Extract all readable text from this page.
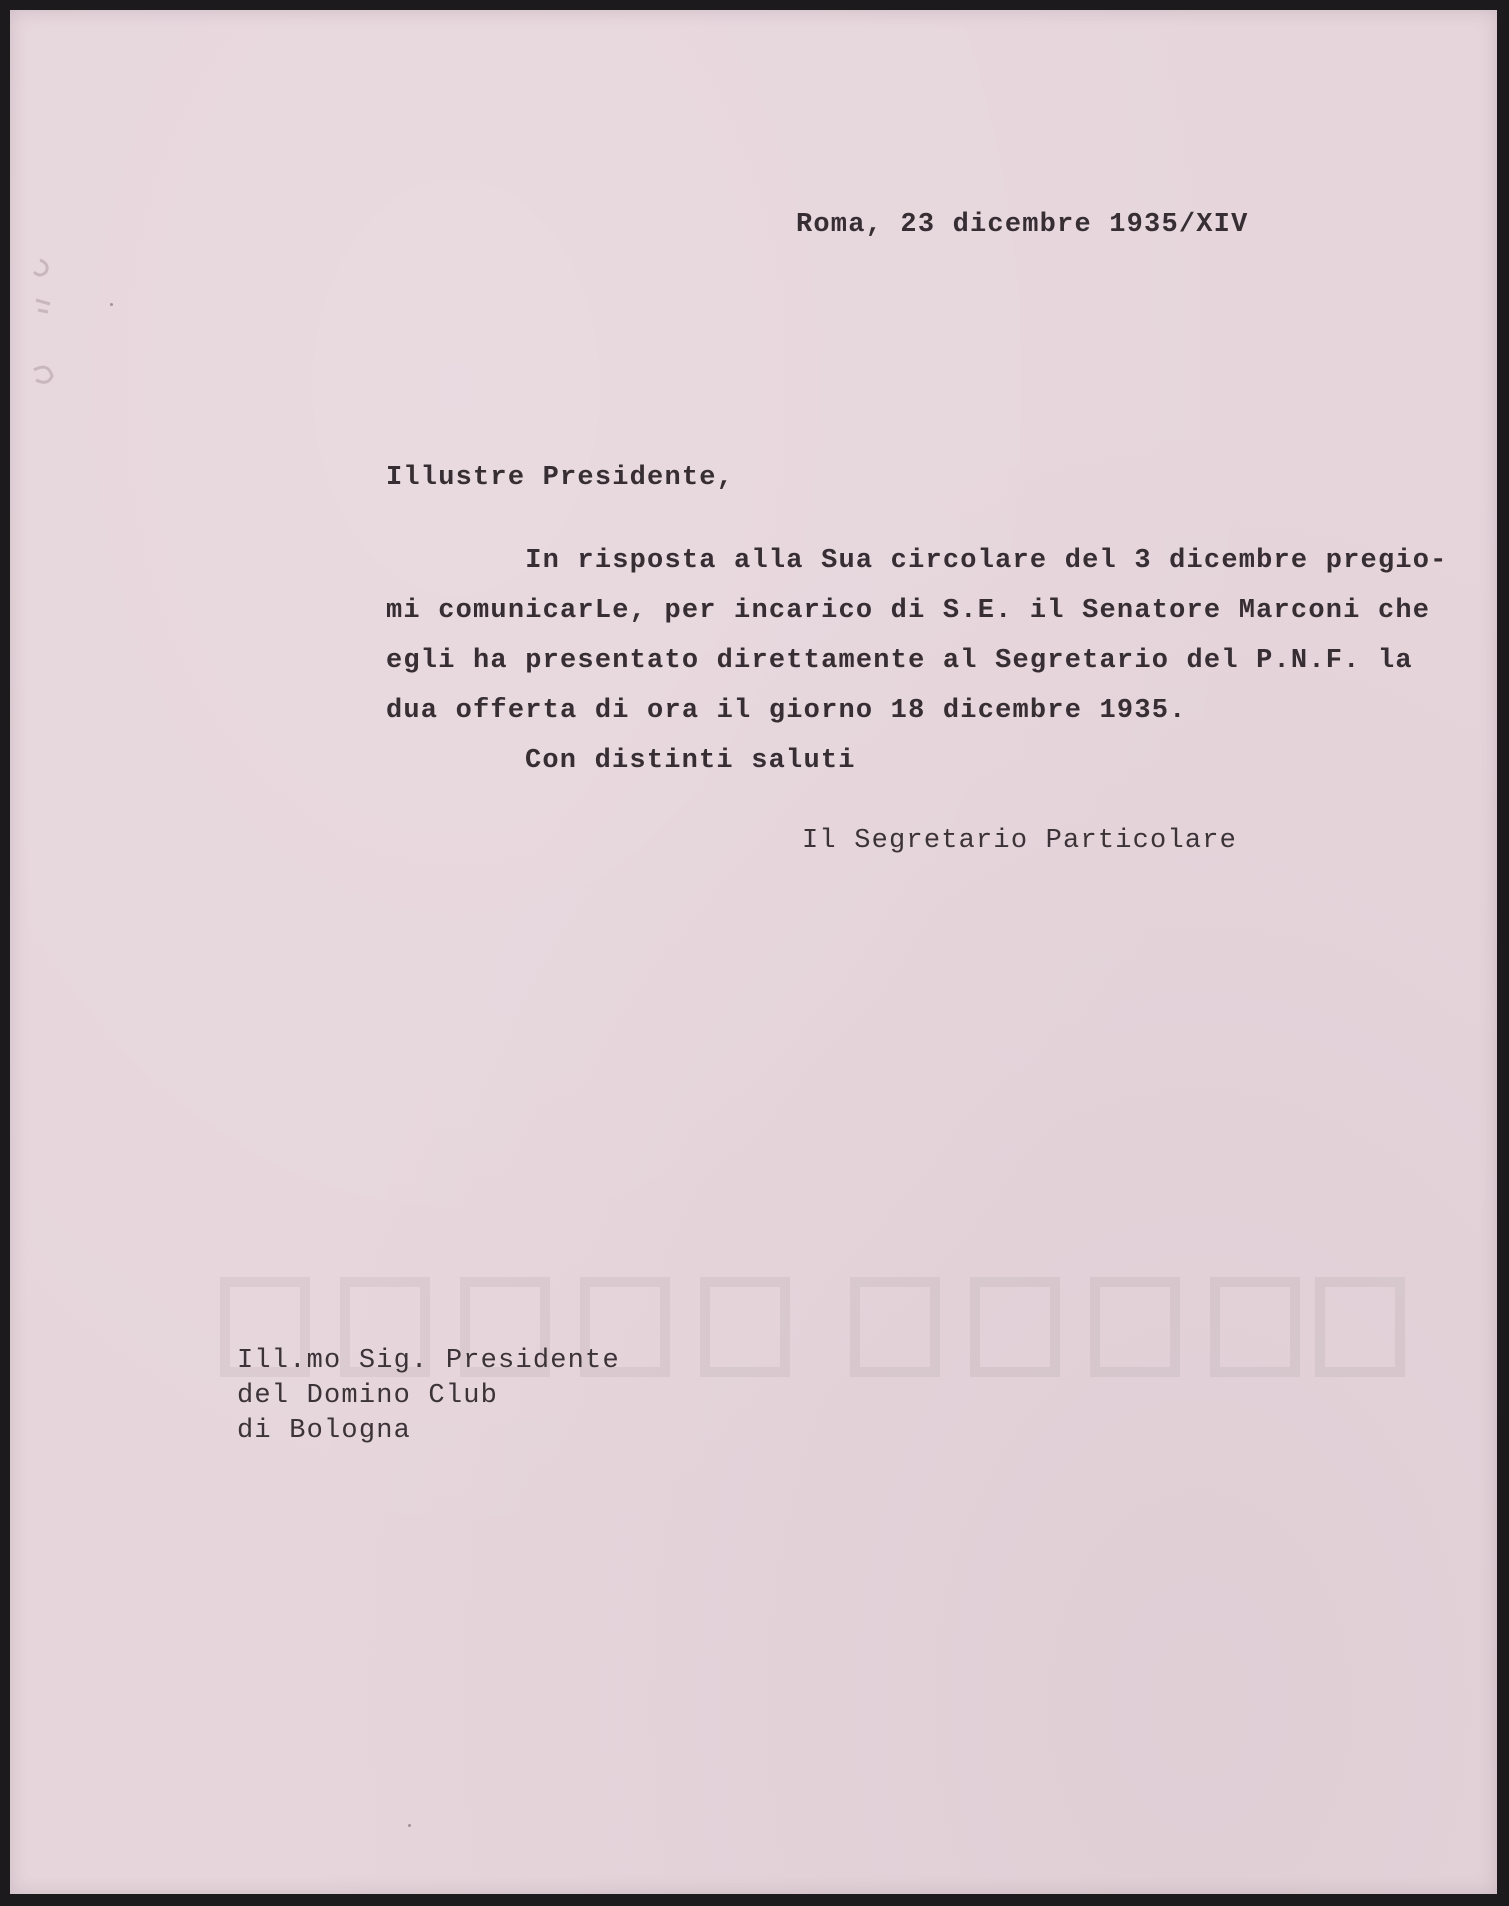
Roma, 23 dicembre 1935/XIV
Illustre Presidente,
In risposta alla Sua circolare del 3 dicembre pregio-
mi comunicarLe, per incarico di S.E. il Senatore Marconi che
egli ha presentato direttamente al Segretario del P.N.F. la
dua offerta di ora il giorno 18 dicembre 1935.
Con distinti saluti
Il Segretario Particolare
Ill.mo Sig. Presidente
del Domino Club
di Bologna
